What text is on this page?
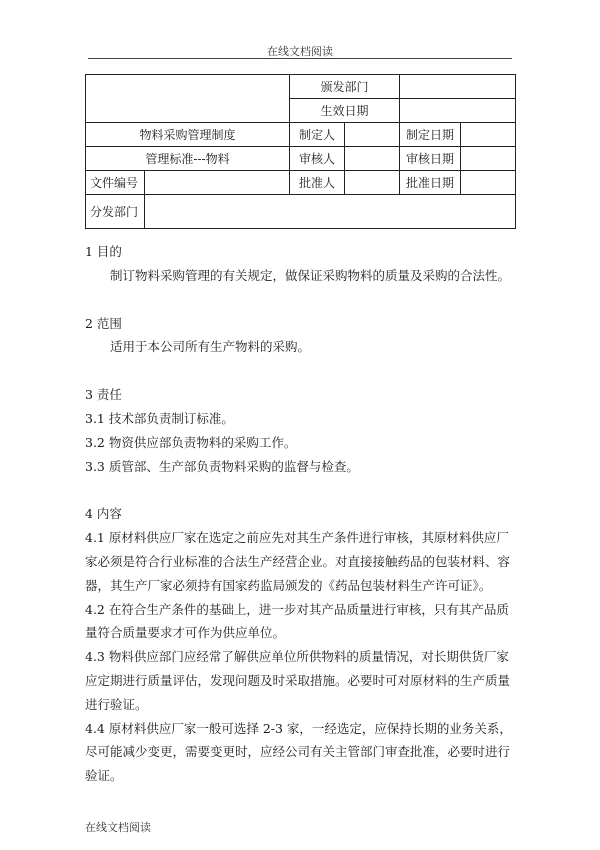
在线文档阅读
		颁发部门			
		生效日期			
物料采购管理制度		制定人		制定日期	
管理标准---物料		审核人		审核日期	
文件编号		批准人		批准日期	
分发部门					

1 目的

制订物料采购管理的有关规定，做保证采购物料的质量及采购的合法性。

2 范围

适用于本公司所有生产物料的采购。

3 责任

3.1 技术部负责制订标准。

3.2 物资供应部负责物料的采购工作。

3.3 质管部、生产部负责物料采购的监督与检查。

4 内容

4.1 原材料供应厂家在选定之前应先对其生产条件进行审核，其原材料供应厂家必须是符合行业标准的合法生产经营企业。对直接接触药品的包装材料、容器，其生产厂家必须持有国家药监局颁发的《药品包装材料生产许可证》。

4.2 在符合生产条件的基础上，进一步对其产品质量进行审核，只有其产品质量符合质量要求才可作为供应单位。

4.3 物料供应部门应经常了解供应单位所供物料的质量情况，对长期供货厂家应定期进行质量评估，发现问题及时采取措施。必要时可对原材料的生产质量进行验证。

4.4 原材料供应厂家一般可选择 2-3 家，一经选定，应保持长期的业务关系，尽可能减少变更，需要变更时，应经公司有关主管部门审查批准，必要时进行验证。

在线文档阅读
